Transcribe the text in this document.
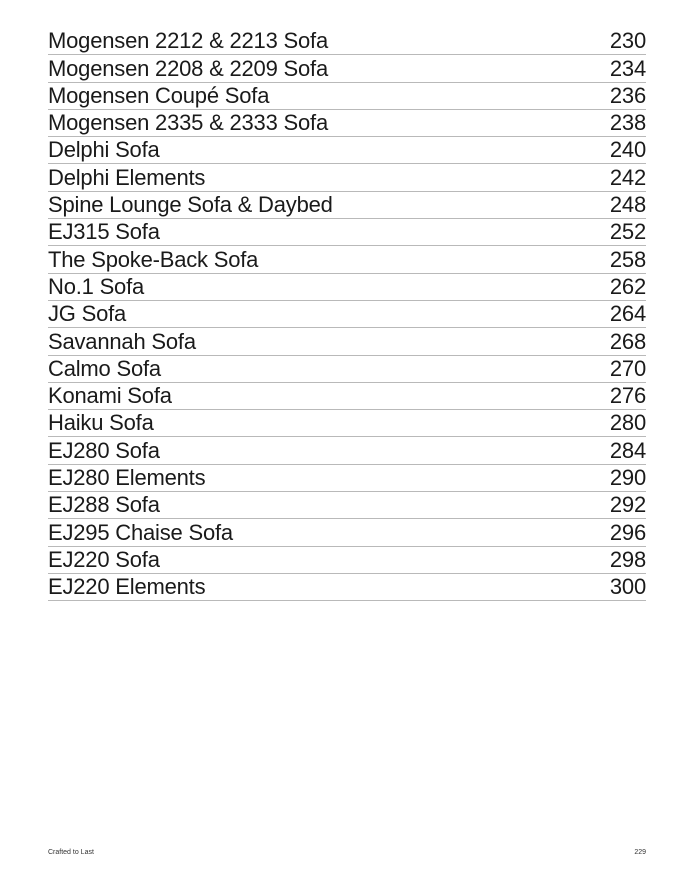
Mogensen 2212 & 2213 Sofa	230
Mogensen 2208 & 2209 Sofa	234
Mogensen Coupé Sofa	236
Mogensen 2335 & 2333 Sofa	238
Delphi Sofa	240
Delphi Elements	242
Spine Lounge Sofa & Daybed	248
EJ315 Sofa	252
The Spoke-Back Sofa	258
No.1 Sofa	262
JG Sofa	264
Savannah Sofa	268
Calmo Sofa	270
Konami Sofa	276
Haiku Sofa	280
EJ280 Sofa	284
EJ280 Elements	290
EJ288 Sofa	292
EJ295 Chaise Sofa	296
EJ220 Sofa	298
EJ220 Elements	300
Crafted to Last	229
